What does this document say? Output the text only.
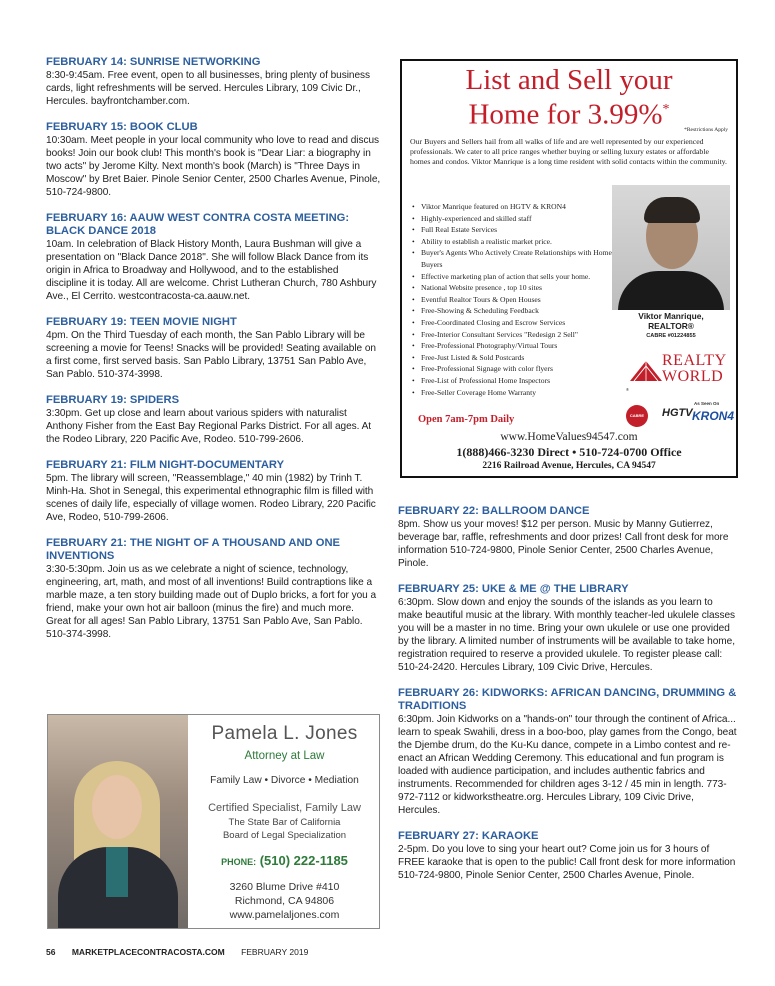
FEBRUARY 14: SUNRISE NETWORKING
8:30-9:45am. Free event, open to all businesses, bring plenty of business cards, light refreshments will be served. Hercules Library, 109 Civic Dr., Hercules. bayfrontchamber.com.
FEBRUARY 15: BOOK CLUB
10:30am. Meet people in your local community who love to read and discus books! Join our book club! This month's book is "Dear Liar: a biography in two acts" by Jerome Kilty. Next month's book (March) is "Three Days in Moscow" by Bret Baier. Pinole Senior Center, 2500 Charles Avenue, Pinole, 510-724-9800.
FEBRUARY 16: AAUW WEST CONTRA COSTA MEETING: BLACK DANCE 2018
10am. In celebration of Black History Month, Laura Bushman will give a presentation on "Black Dance 2018". She will follow Black Dance from its origin in Africa to Broadway and Hollywood, and to the established discipline it is today. All are welcome. Christ Lutheran Church, 780 Ashbury Ave., El Cerrito. westcontracosta-ca.aauw.net.
FEBRUARY 19: TEEN MOVIE NIGHT
4pm. On the Third Tuesday of each month, the San Pablo Library will be screening a movie for Teens! Snacks will be provided! Seating available on a first come, first served basis. San Pablo Library, 13751 San Pablo Ave, San Pablo. 510-374-3998.
FEBRUARY 19: SPIDERS
3:30pm. Get up close and learn about various spiders with naturalist Anthony Fisher from the East Bay Regional Parks District. For all ages. At the Rodeo Library, 220 Pacific Ave, Rodeo. 510-799-2606.
FEBRUARY 21: FILM NIGHT-DOCUMENTARY
5pm. The library will screen, "Reassemblage," 40 min (1982) by Trinh T. Minh-Ha. Shot in Senegal, this experimental ethnographic film is filled with scenes of daily life, especially of village women. Rodeo Library, 220 Pacific Ave, Rodeo, 510-799-2606.
FEBRUARY 21: THE NIGHT OF A THOUSAND AND ONE INVENTIONS
3:30-5:30pm. Join us as we celebrate a night of science, technology, engineering, art, math, and most of all inventions! Build contraptions like a marble maze, a ten story building made out of Duplo bricks, a fort for you a friend, make your own hot air balloon (minus the fire) and much more. Great for all ages! San Pablo Library, 13751 San Pablo Ave, San Pablo. 510-374-3998.
List and Sell your
Home for 3.99%*
*Restrictions Apply
Our Buyers and Sellers hail from all walks of life and are well represented by our experienced professionals. We cater to all price ranges whether buying or selling luxury estates or affordable homes and condos. Viktor Manrique is a long time resident with solid contacts within the community.
• Viktor Manrique featured on HGTV & KRON4
• Highly-experienced and skilled staff
• Full Real Estate Services
• Ability to establish a realistic market price.
• Buyer's Agents Who Actively Create Relationships with Home Buyers
• Effective marketing plan of action that sells your home.
• National Website presence , top 10 sites
• Eventful Realtor Tours & Open Houses
• Free-Showing & Scheduling Feedback
• Free-Coordinated Closing and Escrow Services
• Free-Interior Consultant Services "Redesign 2 Sell"
• Free-Professional Photography/Virtual Tours
• Free-Just Listed & Sold Postcards
• Free-Professional Signage with color flyers
• Free-List of Professional Home Inspectors
• Free-Seller Coverage Home Warranty
Viktor Manrique,
REALTOR®
CABRE #01224855
REALTY
WORLD
®
CABRE	HGTV
As Seen On
KRON4
Open 7am-7pm Daily
www.HomeValues94547.com
1(888)466-3230 Direct • 510-724-0700 Office
2216 Railroad Avenue, Hercules, CA 94547
FEBRUARY 22: BALLROOM DANCE
8pm. Show us your moves! $12 per person. Music by Manny Gutierrez, beverage bar, raffle, refreshments and door prizes! Call front desk for more information 510-724-9800, Pinole Senior Center, 2500 Charles Avenue, Pinole.
FEBRUARY 25: UKE & ME @ THE LIBRARY
6:30pm. Slow down and enjoy the sounds of the islands as you learn to make beautiful music at the library. With monthly teacher-led ukulele classes you will be a master in no time. Bring your own ukulele or use one provided by the library. A limited number of instruments will be available to take home, registration required to reserve a provided ukulele. To register please call: 510-24-2420. Hercules Library, 109 Civic Drive, Hercules.
FEBRUARY 26: KIDWORKS: AFRICAN DANCING, DRUMMING & TRADITIONS
6:30pm. Join Kidworks on a "hands-on" tour through the continent of Africa... learn to speak Swahili, dress in a boo-boo, play games from the Congo, beat the Djembe drum, do the Ku-Ku dance, compete in a Limbo contest and re-enact an African Wedding Ceremony. This educational and fun program is loaded with audience participation, and includes authentic fabrics and instruments. Recommended for children ages 3-12 / 45 min in length. 773-972-7112 or kidworkstheatre.org. Hercules Library, 109 Civic Drive, Hercules.
FEBRUARY 27: KARAOKE
2-5pm. Do you love to sing your heart out? Come join us for 3 hours of FREE karaoke that is open to the public! Call front desk for more information 510-724-9800, Pinole Senior Center, 2500 Charles Avenue, Pinole.
Pamela L. Jones
Attorney at Law
Family Law • Divorce • Mediation
Certified Specialist, Family Law
The State Bar of California
Board of Legal Specialization
PHONE: (510) 222-1185
3260 Blume Drive #410
Richmond, CA 94806
www.pamelaljones.com
56 MARKETPLACECONTRACOSTA.COM FEBRUARY 2019
